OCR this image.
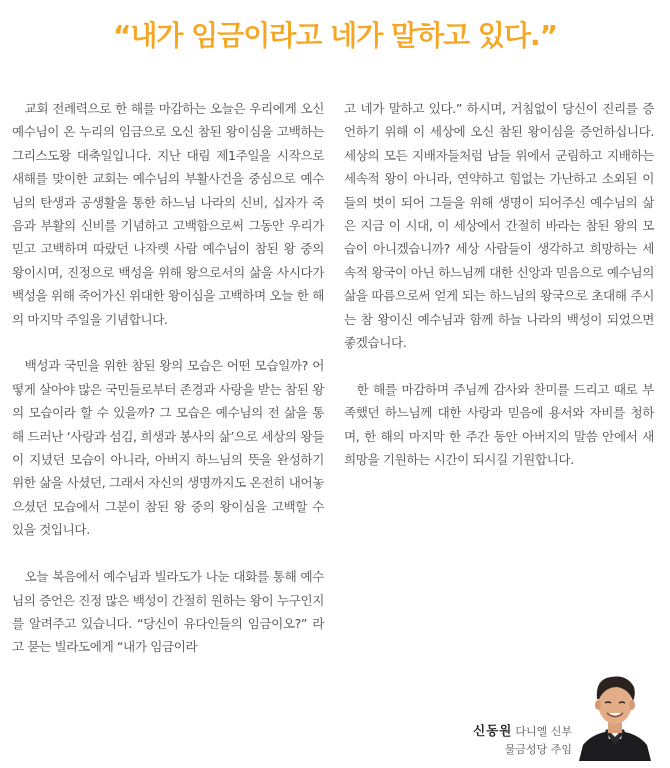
“내가 임금이라고 네가 말하고 있다.”

교회 전례력으로 한 해를 마감하는 오늘은 우리에게 오신 예수님이 온 누리의 임금으로 오신 참된 왕이심을 고백하는 그리스도왕 대축일입니다. 지난 대림 제1주일을 시작으로 새해를 맞이한 교회는 예수님의 부활사건을 중심으로 예수님의 탄생과 공생활을 통한 하느님 나라의 신비, 십자가 죽음과 부활의 신비를 기념하고 고백함으로써 그동안 우리가 믿고 고백하며 따랐던 나자렛 사람 예수님이 참된 왕 중의 왕이시며, 진정으로 백성을 위해 왕으로서의 삶을 사시다가 백성을 위해 죽어가신 위대한 왕이심을 고백하며 오늘 한 해의 마지막 주일을 기념합니다.

백성과 국민을 위한 참된 왕의 모습은 어떤 모습일까? 어떻게 살아야 많은 국민들로부터 존경과 사랑을 받는 참된 왕의 모습이라 할 수 있을까? 그 모습은 예수님의 전 삶을 통해 드러난 ‘사랑과 섬김, 희생과 봉사의 삶’으로 세상의 왕들이 지녔던 모습이 아니라, 아버지 하느님의 뜻을 완성하기 위한 삶을 사셨던, 그래서 자신의 생명까지도 온전히 내어놓으셨던 모습에서 그분이 참된 왕 중의 왕이심을 고백할 수 있을 것입니다.

오늘 복음에서 예수님과 빌라도가 나눈 대화를 통해 예수님의 증언은 진정 많은 백성이 간절히 원하는 왕이 누구인지를 알려주고 있습니다. “당신이 유다인들의 임금이오?” 라고 묻는 빌라도에게 “내가 임금이라

고 네가 말하고 있다.” 하시며, 거침없이 당신이 진리를 증언하기 위해 이 세상에 오신 참된 왕이심을 증언하십니다. 세상의 모든 지배자들처럼 남들 위에서 군림하고 지배하는 세속적 왕이 아니라, 연약하고 힘없는 가난하고 소외된 이들의 벗이 되어 그들을 위해 생명이 되어주신 예수님의 삶은 지금 이 시대, 이 세상에서 간절히 바라는 참된 왕의 모습이 아니겠습니까? 세상 사람들이 생각하고 희망하는 세속적 왕국이 아닌 하느님께 대한 신앙과 믿음으로 예수님의 삶을 따름으로써 얻게 되는 하느님의 왕국으로 초대해 주시는 참 왕이신 예수님과 함께 하늘 나라의 백성이 되었으면 좋겠습니다.

한 해를 마감하며 주님께 감사와 찬미를 드리고 때로 부족했던 하느님께 대한 사랑과 믿음에 용서와 자비를 청하며, 한 해의 마지막 한 주간 동안 아버지의 말씀 안에서 새 희망을 기원하는 시간이 되시길 기원합니다.

신동원 다니엘 신부
물금성당 주임
